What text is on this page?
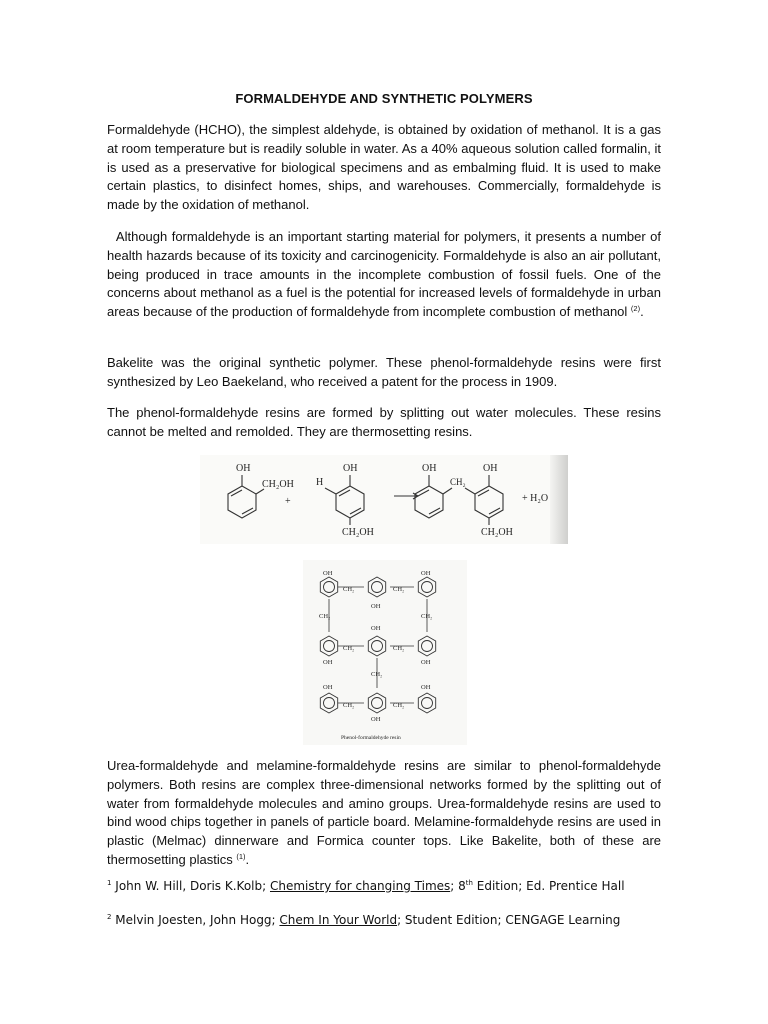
FORMALDEHYDE AND SYNTHETIC POLYMERS

Formaldehyde (HCHO), the simplest aldehyde, is obtained by oxidation of methanol. It is a gas at room temperature but is readily soluble in water. As a 40% aqueous solution called formalin, it is used as a preservative for biological specimens and as embalming fluid. It is used to make certain plastics, to disinfect homes, ships, and warehouses. Commercially, formaldehyde is made by the oxidation of methanol.

Although formaldehyde is an important starting material for polymers, it presents a number of health hazards because of its toxicity and carcinogenicity. Formaldehyde is also an air pollutant, being produced in trace amounts in the incomplete combustion of fossil fuels. One of the concerns about methanol as a fuel is the potential for increased levels of formaldehyde in urban areas because of the production of formaldehyde from incomplete combustion of methanol $^{(2)}$.

Bakelite was the original synthetic polymer. These phenol-formaldehyde resins were first synthesized by Leo Baekeland, who received a patent for the process in 1909.

The phenol-formaldehyde resins are formed by splitting out water molecules. These resins cannot be melted and remolded. They are thermosetting resins.

OH
CH₂OH
+
H
OH
CH₂OH
OH
CH₂
OH
CH₂OH
+ H₂O
OH	OH
OH
CH₂	CH₂
CH₂	CH₂
OH
CH₂	CH₂
OH	OH
CH₂
OH	OH
CH₂	CH₂
OH
Phenol-formaldehyde resin

Urea-formaldehyde and melamine-formaldehyde resins are similar to phenol-formaldehyde polymers. Both resins are complex three-dimensional networks formed by the splitting out of water from formaldehyde molecules and amino groups. Urea-formaldehyde resins are used to bind wood chips together in panels of particle board. Melamine-formaldehyde resins are used in plastic (Melmac) dinnerware and Formica counter tops. Like Bakelite, both of these are thermosetting plastics $^{(1)}$.

$^1$ John W. Hill, Doris K.Kolb; Chemistry for changing Times; 8th Edition; Ed. Prentice Hall
$^2$ Melvin Joesten, John Hogg; Chem In Your World; Student Edition; CENGAGE Learning
